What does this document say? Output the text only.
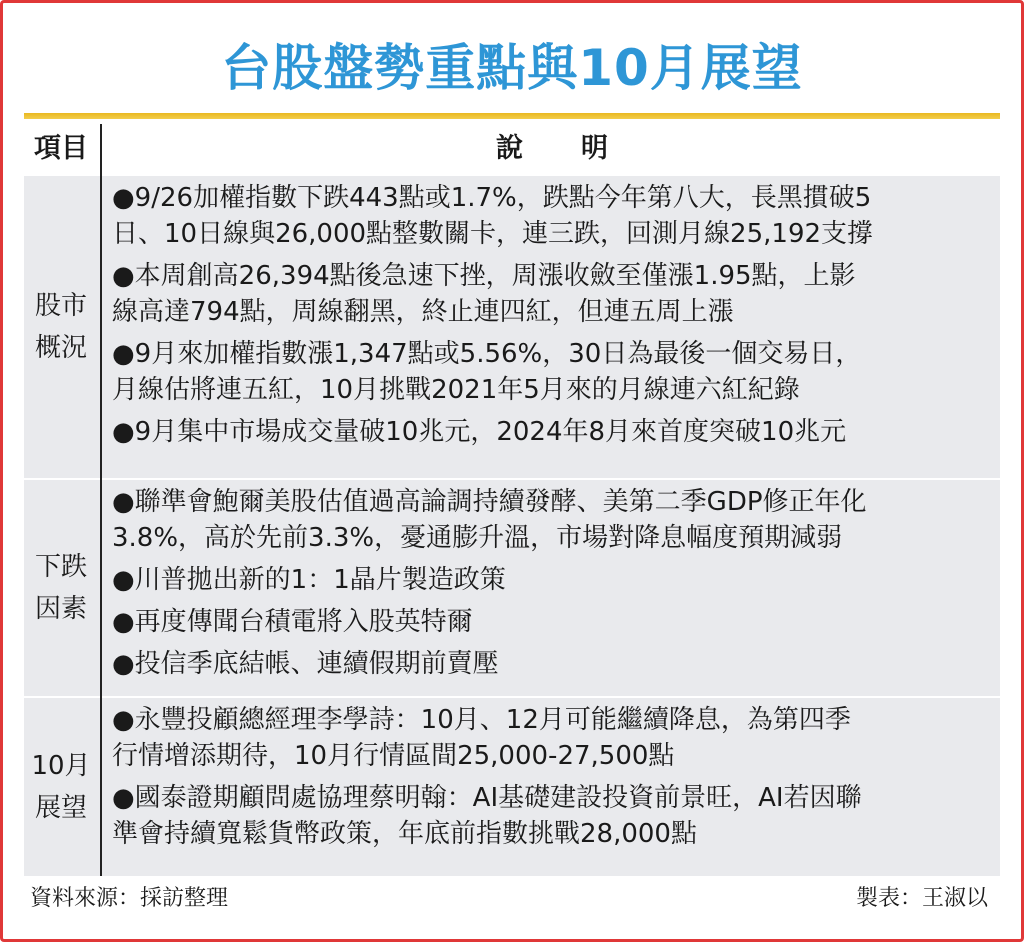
台股盤勢重點與10月展望
項目	說明
股市
概況
●9/26加權指數下跌443點或1.7%，跌點今年第八大，長黑摜破5
日、10日線與26,000點整數關卡，連三跌，回測月線25,192支撐
●本周創高26,394點後急速下挫，周漲收斂至僅漲1.95點，上影
線高達794點，周線翻黑，終止連四紅，但連五周上漲
●9月來加權指數漲1,347點或5.56%，30日為最後一個交易日，
月線估將連五紅，10月挑戰2021年5月來的月線連六紅紀錄
●9月集中市場成交量破10兆元，2024年8月來首度突破10兆元
下跌
因素
●聯準會鮑爾美股估值過高論調持續發酵、美第二季GDP修正年化
3.8%，高於先前3.3%，憂通膨升溫，市場對降息幅度預期減弱
●川普拋出新的1：1晶片製造政策
●再度傳聞台積電將入股英特爾
●投信季底結帳、連續假期前賣壓
10月
展望
●永豐投顧總經理李學詩：10月、12月可能繼續降息，為第四季
行情增添期待，10月行情區間25,000-27,500點
●國泰證期顧問處協理蔡明翰：AI基礎建設投資前景旺，AI若因聯
準會持續寬鬆貨幣政策，年底前指數挑戰28,000點
資料來源：採訪整理	製表：王淑以
